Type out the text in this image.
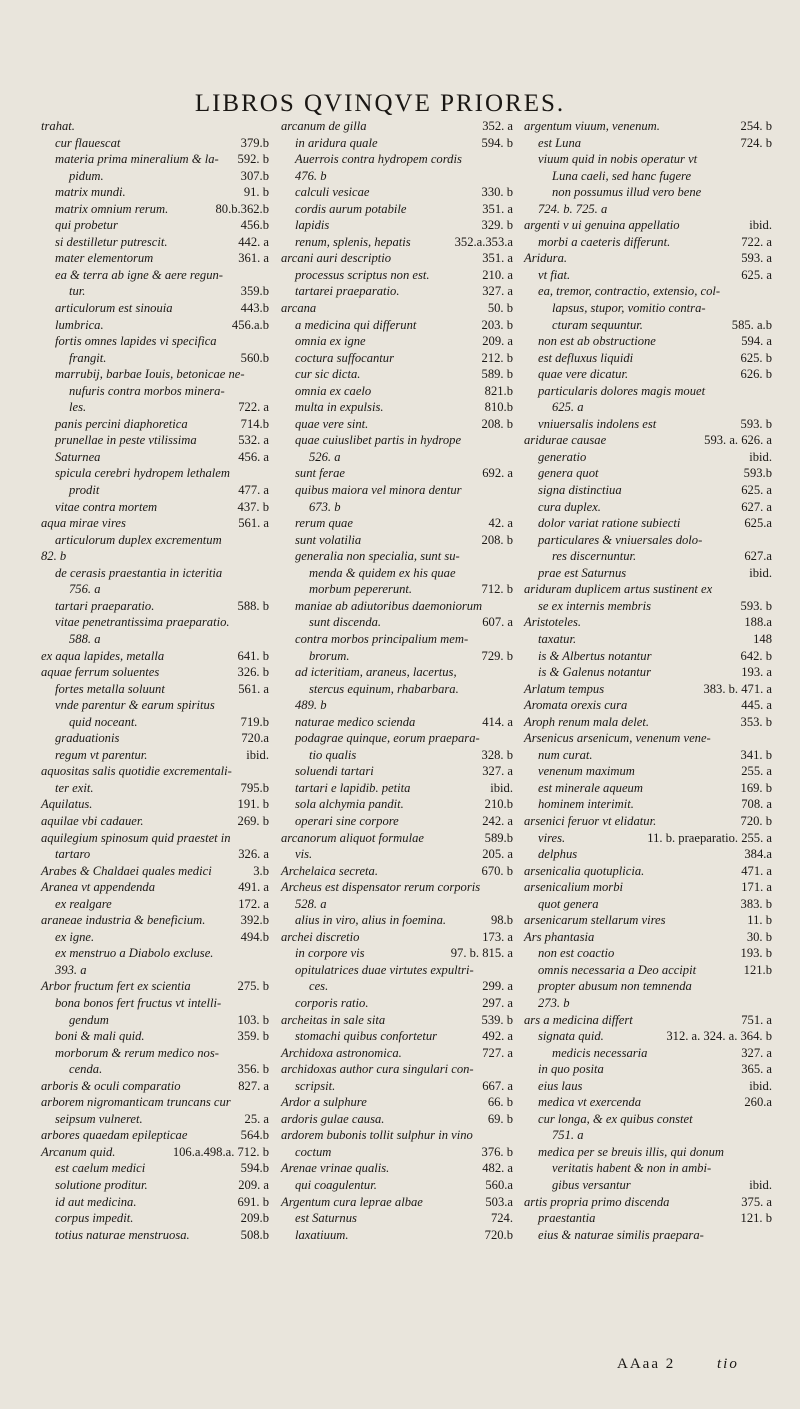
LIBROS QVINQVE PRIORES.
trahat.
cur flauescat	379.b
materia prima mineralium & la- 592. b
pidum.	307.b
matrix mundi.	91. b
matrix omnium rerum.	80.b.362.b
qui probetur	456.b
si destilletur putrescit.	442. a
mater elementorum	361. a
ea & terra ab igne & aere regun-
tur.	359.b
articulorum est sinouia	443.b
lumbrica.	456.a.b
fortis omnes lapides vi specifica
frangit.	560.b
marrubij, barbae Iouis, betonicae ne-
nufuris contra morbos minera-
les.	722. a
panis percini diaphoretica	714.b
prunellae in peste vtilissima	532. a
Saturnea	456. a
spicula cerebri hydropem lethalem
prodit	477. a
vitae contra mortem	437. b
aqua mirae vires	561. a
articulorum duplex excrementum
82. b
de cerasis praestantia in icteritia
756. a
tartari praeparatio.	588. b
vitae penetrantissima praeparatio.
588. a
ex aqua lapides, metalla	641. b
aquae ferrum soluentes	326. b
fortes metalla soluunt	561. a
vnde parentur & earum spiritus
quid noceant.	719.b
graduationis	720.a
regum vt parentur.	ibid.
aquositas salis quotidie excrementali-
ter exit.	795.b
Aquilatus.	191. b
aquilae vbi cadauer.	269. b
aquilegium spinosum quid praestet in
tartaro	326. a
Arabes & Chaldaei quales medici	3.b
Aranea vt appendenda	491. a
ex realgare	172. a
araneae industria & beneficium.	392.b
ex igne.	494.b
ex menstruo a Diabolo excluse.
393. a
Arbor fructum fert ex scientia	275. b
bona bonos fert fructus vt intelli-
gendum	103. b
boni & mali quid.	359. b
morborum & rerum medico nos-
cenda.	356. b
arboris & oculi comparatio	827. a
arborem nigromanticam truncans cur
seipsum vulneret.	25. a
arbores quaedam epilepticae	564.b
Arcanum quid.	106.a.498.a. 712. b
est caelum medici	594.b
solutione proditur.	209. a
id aut medicina.	691. b
corpus impedit.	209.b
totius naturae menstruosa.	508.b
arcanum de gilla	352. a
in aridura quale	594. b
Auerrois contra hydropem cordis
476. b
calculi vesicae	330. b
cordis aurum potabile	351. a
lapidis	329. b
renum, splenis, hepatis	352.a.353.a
arcani auri descriptio	351. a
processus scriptus non est.	210. a
tartarei praeparatio.	327. a
arcana	50. b
a medicina qui differunt	203. b
omnia ex igne	209. a
coctura suffocantur	212. b
cur sic dicta.	589. b
omnia ex caelo	821.b
multa in expulsis.	810.b
quae vere sint.	208. b
quae cuiuslibet partis in hydrope
526. a
sunt ferae	692. a
quibus maiora vel minora dentur
673. b
rerum quae	42. a
sunt volatilia	208. b
generalia non specialia, sunt su-
menda & quidem ex his quae
morbum pepererunt.	712. b
maniae ab adiutoribus daemoniorum
sunt discenda.	607. a
contra morbos principalium mem-
brorum.	729. b
ad icteritiam, araneus, lacertus,
stercus equinum, rhabarbara.
489. b
naturae medico scienda	414. a
podagrae quinque, eorum praepara-
tio qualis	328. b
soluendi tartari	327. a
tartari e lapidib. petita	ibid.
sola alchymia pandit.	210.b
operari sine corpore	242. a
arcanorum aliquot formulae	589.b
vis.	205. a
Archelaica secreta.	670. b
Archeus est dispensator rerum corporis
528. a
alius in viro, alius in foemina.	98.b
archei discretio	173. a
in corpore vis	97. b. 815. a
opitulatrices duae virtutes expultri-
ces.	299. a
corporis ratio.	297. a
archeitas in sale sita	539. b
stomachi quibus confortetur	492. a
Archidoxa astronomica.	727. a
archidoxas author cura singulari con-
scripsit.	667. a
Ardor a sulphure	66. b
ardoris gulae causa.	69. b
ardorem bubonis tollit sulphur in vino
coctum	376. b
Arenae vrinae qualis.	482. a
qui coagulentur.	560.a
Argentum cura leprae albae	503.a
est Saturnus	724.
laxatiuum.	720.b
argentum viuum, venenum.	254. b
est Luna	724. b
viuum quid in nobis operatur vt
Luna caeli, sed hanc fugere
non possumus illud vero bene
724. b. 725. a
argenti v ui genuina appellatio	ibid.
morbi a caeteris differunt.	722. a
Aridura.	593. a
vt fiat.	625. a
ea, tremor, contractio, extensio, col-
lapsus, stupor, vomitio contra-
cturam sequuntur.	585. a.b
non est ab obstructione	594. a
est defluxus liquidi	625. b
quae vere dicatur.	626. b
particularis dolores magis mouet
625. a
vniuersalis indolens est	593. b
aridurae causae	593. a. 626. a
generatio	ibid.
genera quot	593.b
signa distinctiua	625. a
cura duplex.	627. a
dolor variat ratione subiecti	625.a
particulares & vniuersales dolo-
res discernuntur.	627.a
prae est Saturnus	ibid.
ariduram duplicem artus sustinent ex
se ex internis membris	593. b
Aristoteles.	188.a
taxatur.	148
is & Albertus notantur	642. b
is & Galenus notantur	193. a
Arlatum tempus	383. b. 471. a
Aromata orexis cura	445. a
Aroph renum mala delet.	353. b
Arsenicus arsenicum, venenum vene-
num curat.	341. b
venenum maximum	255. a
est minerale aqueum	169. b
hominem interimit.	708. a
arsenici feruor vt elidatur.	720. b
vires.	11. b. praeparatio. 255. a
delphus	384.a
arsenicalia quotuplicia.	471. a
arsenicalium morbi	171. a
quot genera	383. b
arsenicarum stellarum vires	11. b
Ars phantasia	30. b
non est coactio	193. b
omnis necessaria a Deo accipit	121.b
propter abusum non temnenda
273. b
ars a medicina differt	751. a
signata quid.	312. a. 324. a. 364. b
medicis necessaria	327. a
in quo posita	365. a
eius laus	ibid.
medica vt exercenda	260.a
cur longa, & ex quibus constet
751. a
medica per se breuis illis, qui donum
veritatis habent & non in ambi-
gibus versantur	ibid.
artis propria primo discenda	375. a
praestantia	121. b
eius & naturae similis praepara-
AAaa 2	tio
